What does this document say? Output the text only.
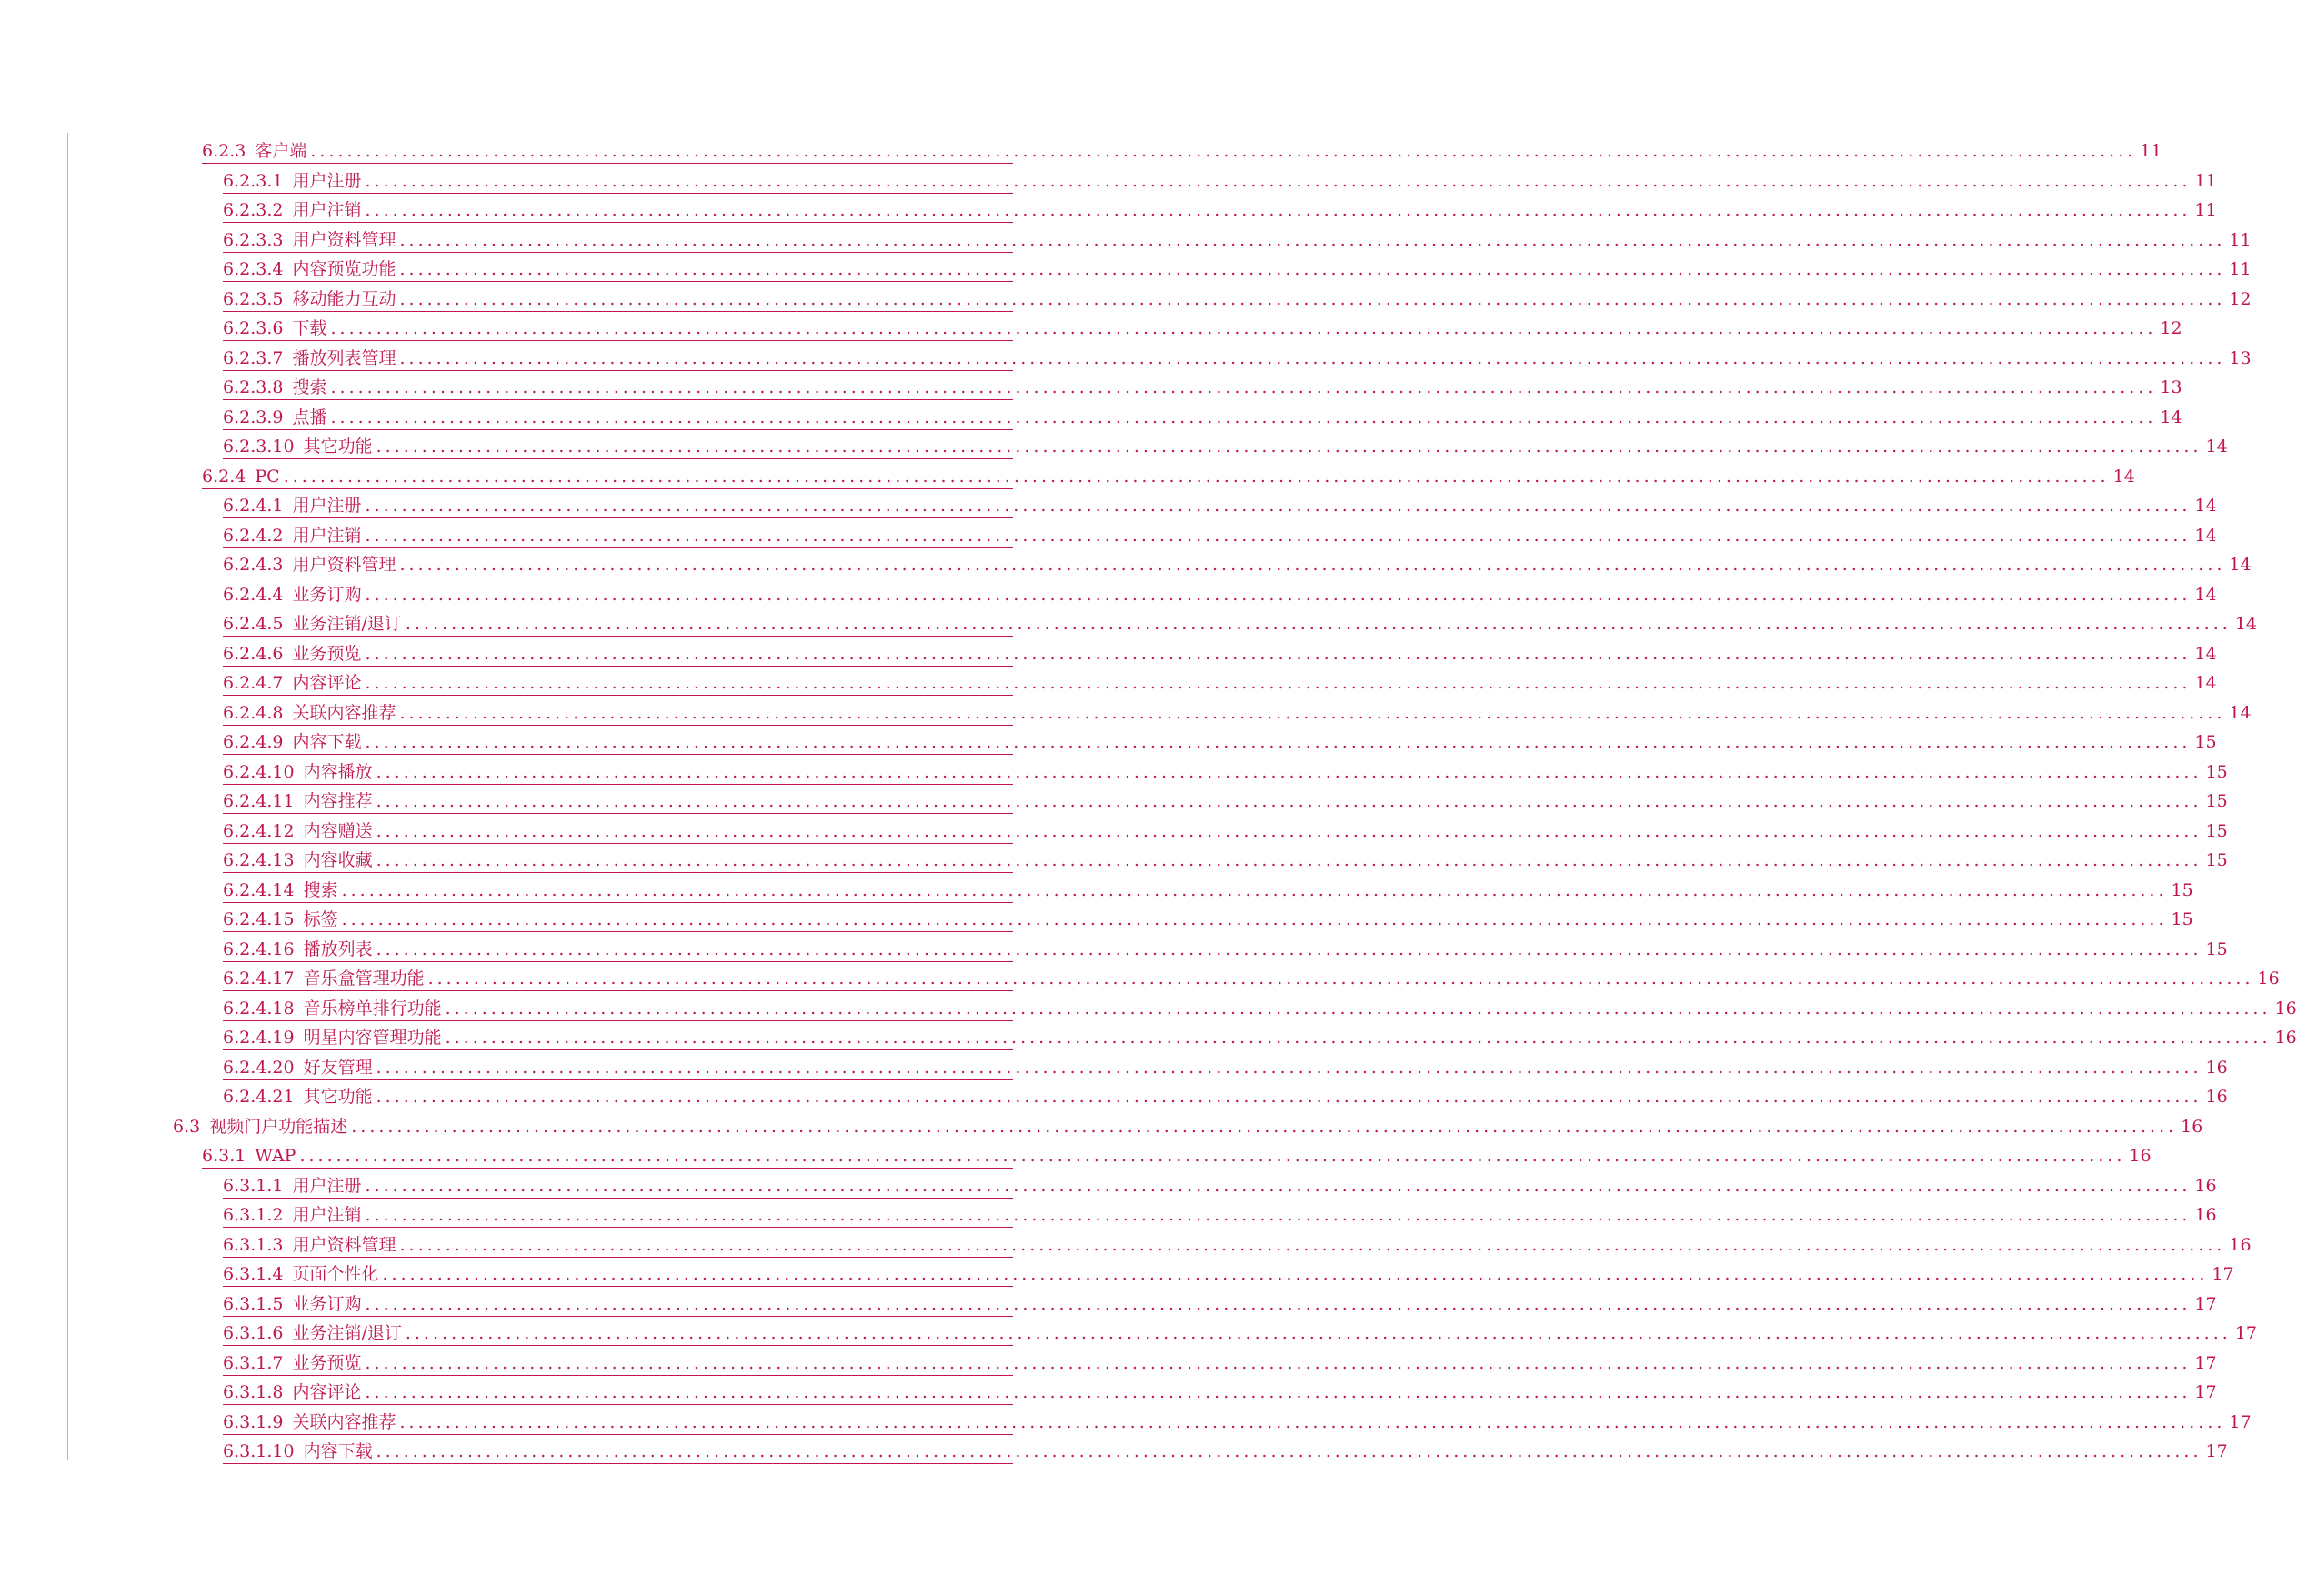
6.2.3 客户端 ........................................................................................................................................................................................................ 11
6.2.3.1 用户注册 ........................................................................................................................................................................................................ 11
6.2.3.2 用户注销 ........................................................................................................................................................................................................ 11
6.2.3.3 用户资料管理 ........................................................................................................................................................................................................ 11
6.2.3.4 内容预览功能 ........................................................................................................................................................................................................ 11
6.2.3.5 移动能力互动 ........................................................................................................................................................................................................ 12
6.2.3.6 下载 ........................................................................................................................................................................................................ 12
6.2.3.7 播放列表管理 ........................................................................................................................................................................................................ 13
6.2.3.8 搜索 ........................................................................................................................................................................................................ 13
6.2.3.9 点播 ........................................................................................................................................................................................................ 14
6.2.3.10 其它功能 ........................................................................................................................................................................................................ 14
6.2.4 PC ........................................................................................................................................................................................................ 14
6.2.4.1 用户注册 ........................................................................................................................................................................................................ 14
6.2.4.2 用户注销 ........................................................................................................................................................................................................ 14
6.2.4.3 用户资料管理 ........................................................................................................................................................................................................ 14
6.2.4.4 业务订购 ........................................................................................................................................................................................................ 14
6.2.4.5 业务注销/退订 ........................................................................................................................................................................................................ 14
6.2.4.6 业务预览 ........................................................................................................................................................................................................ 14
6.2.4.7 内容评论 ........................................................................................................................................................................................................ 14
6.2.4.8 关联内容推荐 ........................................................................................................................................................................................................ 14
6.2.4.9 内容下载 ........................................................................................................................................................................................................ 15
6.2.4.10 内容播放 ........................................................................................................................................................................................................ 15
6.2.4.11 内容推荐 ........................................................................................................................................................................................................ 15
6.2.4.12 内容赠送 ........................................................................................................................................................................................................ 15
6.2.4.13 内容收藏 ........................................................................................................................................................................................................ 15
6.2.4.14 搜索 ........................................................................................................................................................................................................ 15
6.2.4.15 标签 ........................................................................................................................................................................................................ 15
6.2.4.16 播放列表 ........................................................................................................................................................................................................ 15
6.2.4.17 音乐盒管理功能 ........................................................................................................................................................................................................ 16
6.2.4.18 音乐榜单排行功能 ........................................................................................................................................................................................................ 16
6.2.4.19 明星内容管理功能 ........................................................................................................................................................................................................ 16
6.2.4.20 好友管理 ........................................................................................................................................................................................................ 16
6.2.4.21 其它功能 ........................................................................................................................................................................................................ 16
6.3 视频门户功能描述 ........................................................................................................................................................................................................ 16
6.3.1 WAP ........................................................................................................................................................................................................ 16
6.3.1.1 用户注册 ........................................................................................................................................................................................................ 16
6.3.1.2 用户注销 ........................................................................................................................................................................................................ 16
6.3.1.3 用户资料管理 ........................................................................................................................................................................................................ 16
6.3.1.4 页面个性化 ........................................................................................................................................................................................................ 17
6.3.1.5 业务订购 ........................................................................................................................................................................................................ 17
6.3.1.6 业务注销/退订 ........................................................................................................................................................................................................ 17
6.3.1.7 业务预览 ........................................................................................................................................................................................................ 17
6.3.1.8 内容评论 ........................................................................................................................................................................................................ 17
6.3.1.9 关联内容推荐 ........................................................................................................................................................................................................ 17
6.3.1.10 内容下载 ........................................................................................................................................................................................................ 17
